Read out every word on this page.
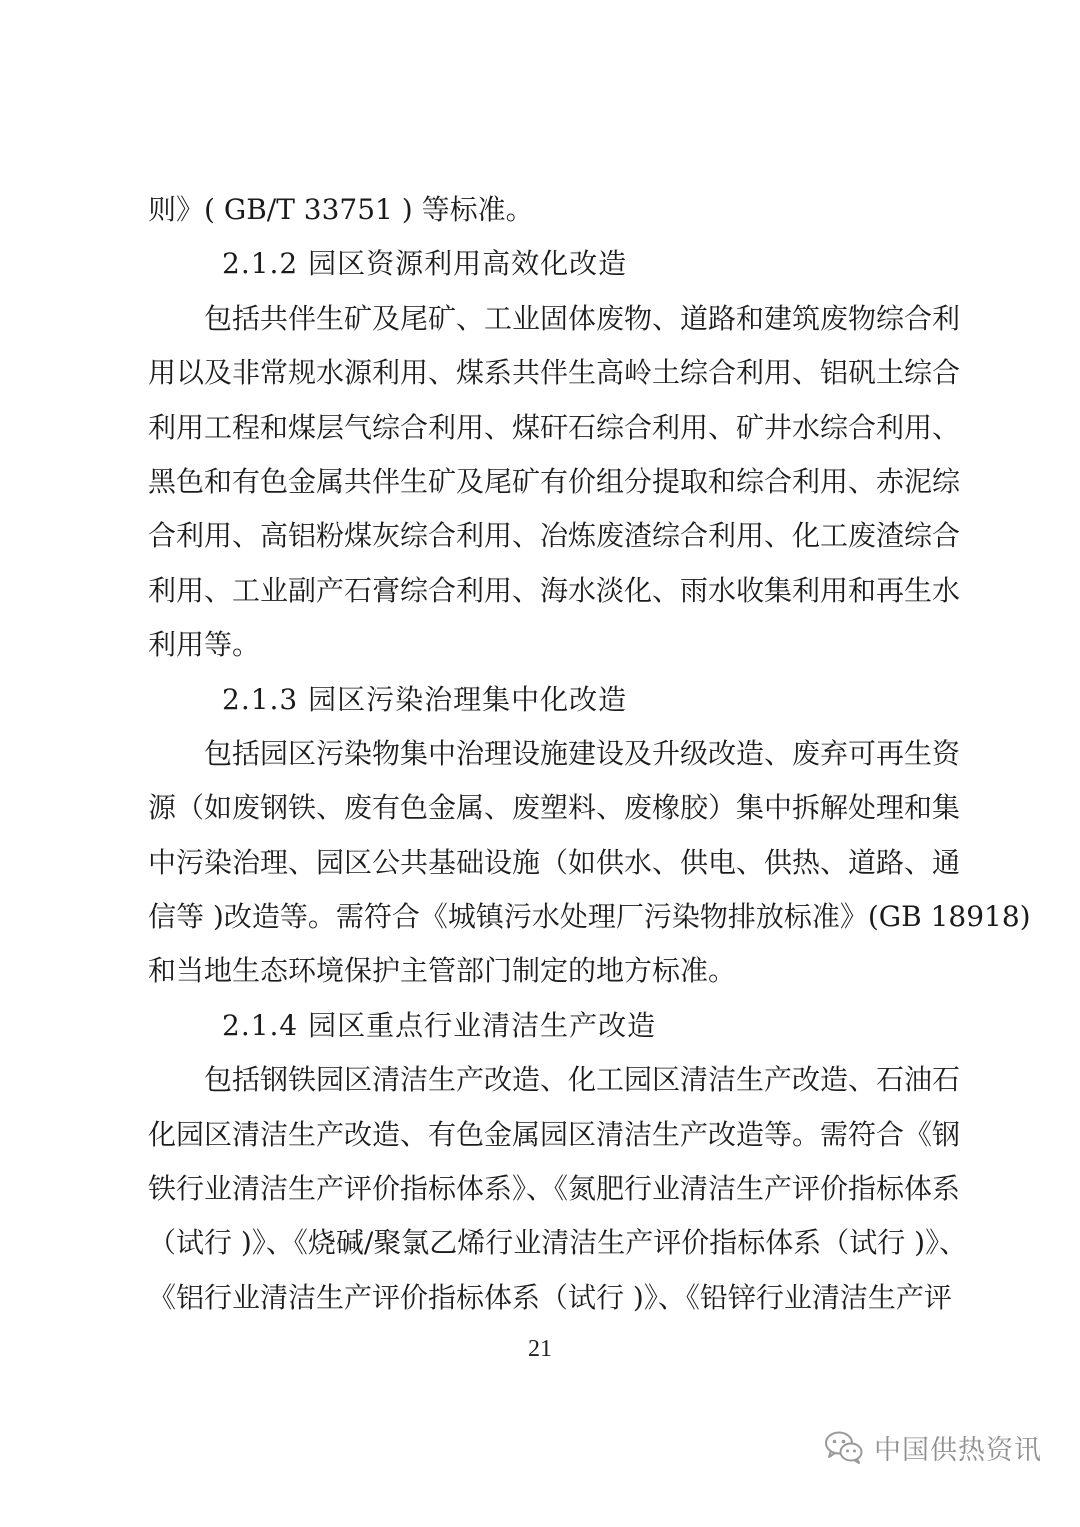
则》( GB/T 33751 ) 等标准。
2.1.2 园区资源利用高效化改造
包括共伴生矿及尾矿、工业固体废物、道路和建筑废物综合利
用以及非常规水源利用、煤系共伴生高岭土综合利用、铝矾土综合
利用工程和煤层气综合利用、煤矸石综合利用、矿井水综合利用、
黑色和有色金属共伴生矿及尾矿有价组分提取和综合利用、赤泥综
合利用、高铝粉煤灰综合利用、冶炼废渣综合利用、化工废渣综合
利用、工业副产石膏综合利用、海水淡化、雨水收集利用和再生水
利用等。
2.1.3 园区污染治理集中化改造
包括园区污染物集中治理设施建设及升级改造、废弃可再生资
源（如废钢铁、废有色金属、废塑料、废橡胶）集中拆解处理和集
中污染治理、园区公共基础设施（如供水、供电、供热、道路、通
信等 )改造等。需符合《城镇污水处理厂污染物排放标准》(GB 18918)
和当地生态环境保护主管部门制定的地方标准。
2.1.4 园区重点行业清洁生产改造
包括钢铁园区清洁生产改造、化工园区清洁生产改造、石油石
化园区清洁生产改造、有色金属园区清洁生产改造等。需符合《钢
铁行业清洁生产评价指标体系》、《氮肥行业清洁生产评价指标体系
（试行 )》、《烧碱/聚氯乙烯行业清洁生产评价指标体系（试行 )》、
《铝行业清洁生产评价指标体系（试行 )》、《铅锌行业清洁生产评
21
中国供热资讯
